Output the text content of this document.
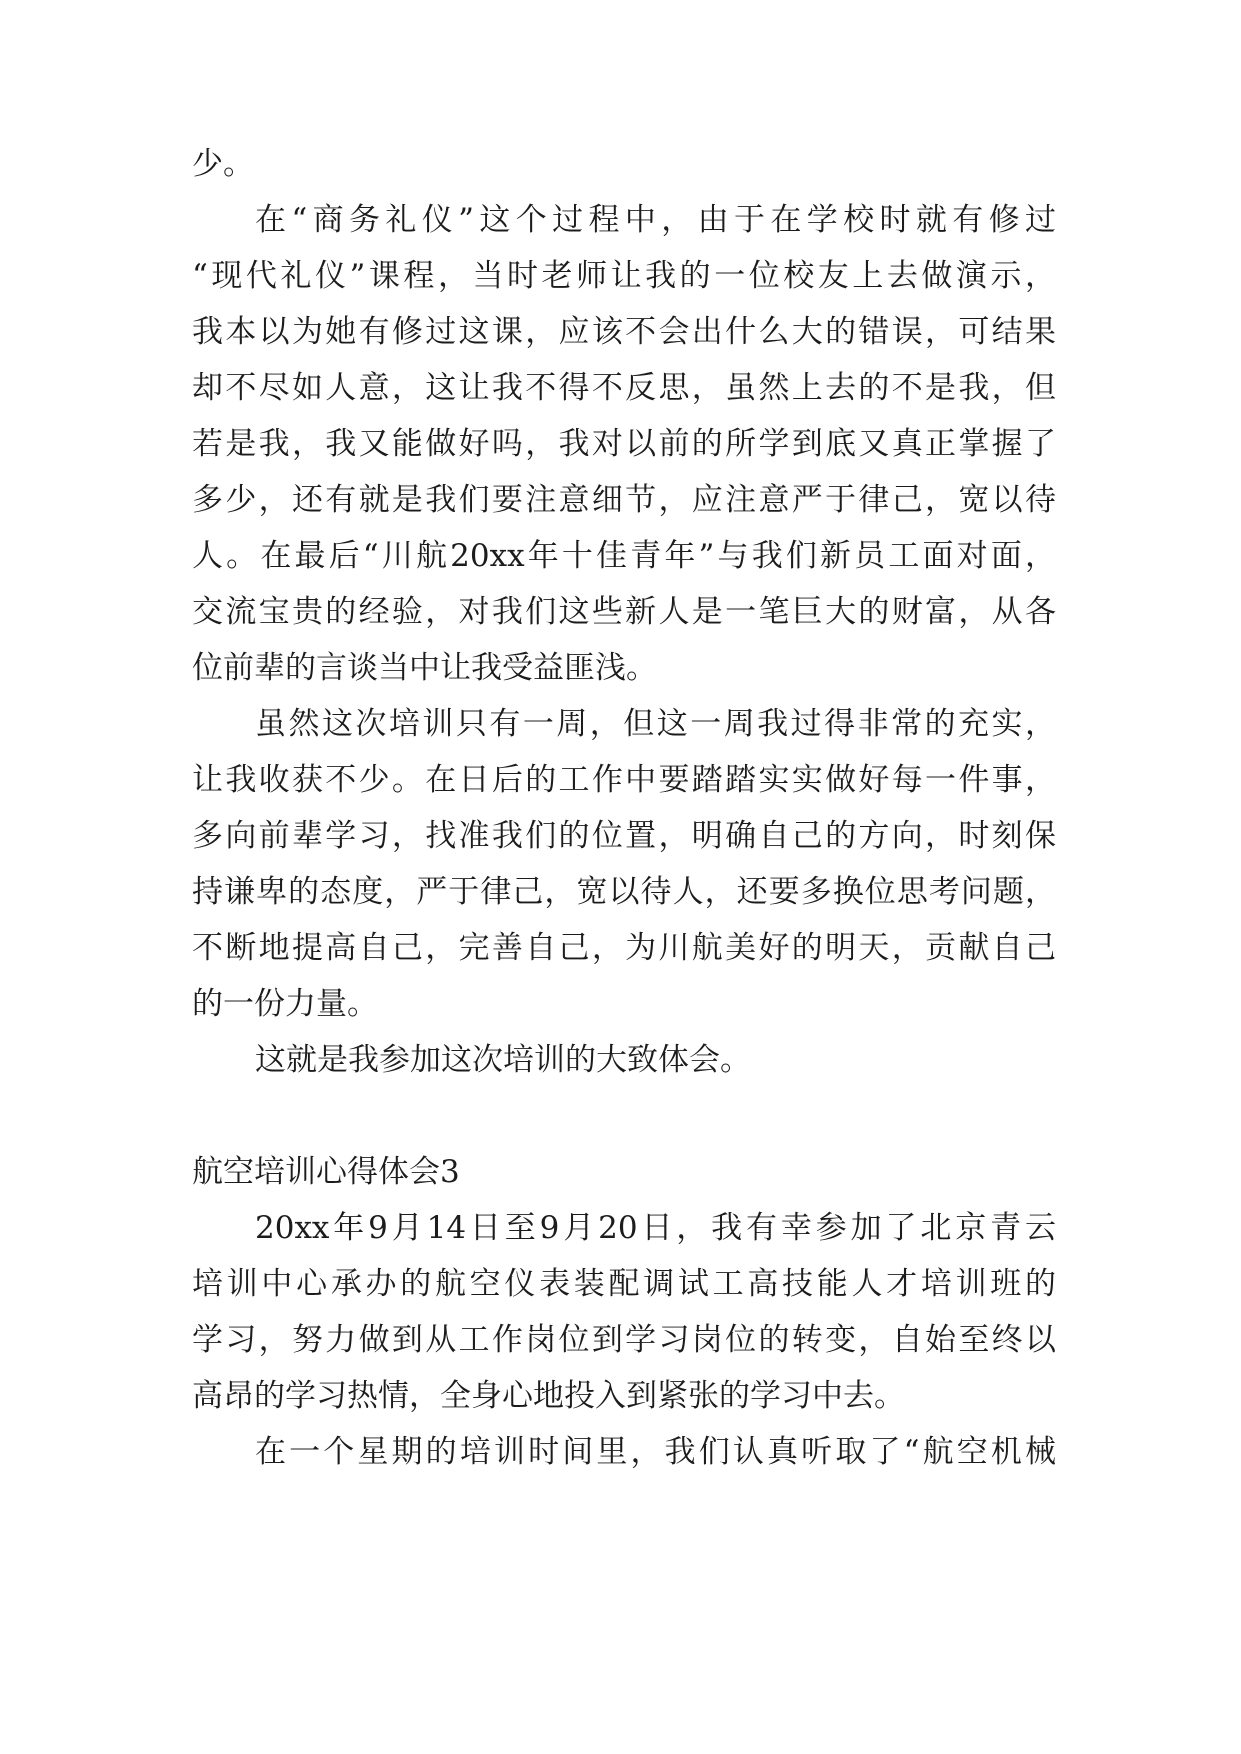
少。

在“商务礼仪”这个过程中，由于在学校时就有修过

“现代礼仪”课程，当时老师让我的一位校友上去做演示，

我本以为她有修过这课，应该不会出什么大的错误，可结果

却不尽如人意，这让我不得不反思，虽然上去的不是我，但

若是我，我又能做好吗，我对以前的所学到底又真正掌握了

多少，还有就是我们要注意细节，应注意严于律己，宽以待

人。在最后“川航20xx年十佳青年”与我们新员工面对面，

交流宝贵的经验，对我们这些新人是一笔巨大的财富，从各

位前辈的言谈当中让我受益匪浅。

虽然这次培训只有一周，但这一周我过得非常的充实，

让我收获不少。在日后的工作中要踏踏实实做好每一件事，

多向前辈学习，找准我们的位置，明确自己的方向，时刻保

持谦卑的态度，严于律己，宽以待人，还要多换位思考问题，

不断地提高自己，完善自己，为川航美好的明天，贡献自己

的一份力量。

这就是我参加这次培训的大致体会。

航空培训心得体会3

20xx年9月14日至9月20日，我有幸参加了北京青云

培训中心承办的航空仪表装配调试工高技能人才培训班的

学习，努力做到从工作岗位到学习岗位的转变，自始至终以

高昂的学习热情，全身心地投入到紧张的学习中去。

在一个星期的培训时间里，我们认真听取了“航空机械
